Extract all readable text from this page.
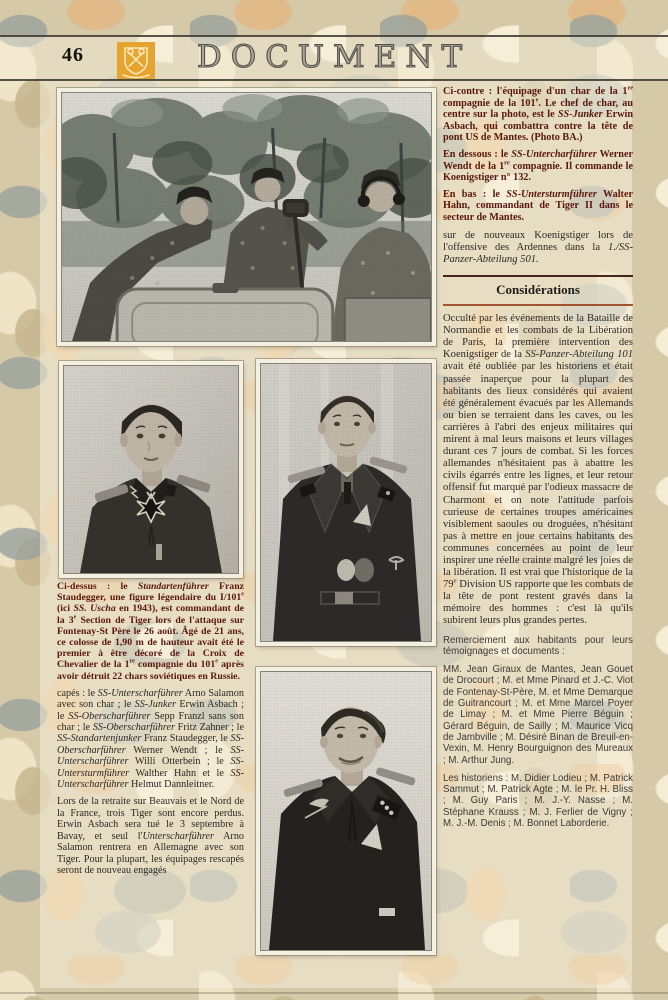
46	DOCUMENT

Ci-dessus : le Standartenführer Franz Staudegger, une figure légendaire du I/101e (ici SS. Uscha en 1943), est commandant de la 3e Section de Tiger lors de l'attaque sur Fontenay-St Père le 26 août. Âgé de 21 ans, ce colosse de 1,90 m de hauteur avait été le premier à être décoré de la Croix de Chevalier de la 1re compagnie du 101e après avoir détruit 22 chars soviétiques en Russie.

capés : le SS-Unterscharführer Arno Salamon avec son char ; le SS-Junker Erwin Asbach ; le SS-Oberscharführer Sepp Franzl sans son char ; le SS-Oberscharführer Fritz Zahner ; le SS-Standartenjunker Franz Staudegger, le SS-Oberscharführer Werner Wendt ; le SS-Unterscharführer Willi Otterbein ; le SS-Untersturmführer Walther Hahn et le SS-Unterscharführer Helmut Dannleitner.

Lors de la retraite sur Beauvais et le Nord de la France, trois Tiger sont encore perdus. Erwin Asbach sera tué le 3 septembre à Bavay, et seul l'Unterscharführer Arno Salamon rentrera en Allemagne avec son Tiger. Pour la plupart, les équipages rescapés seront de nouveau engagés

Ci-contre : l'équipage d'un char de la 1re compagnie de la 101e. Le chef de char, au centre sur la photo, est le SS-Junker Erwin Asbach, qui combattra contre la tête de pont US de Mantes. (Photo BA.)

En dessous : le SS-Untercharführer Werner Wendt de la 1re compagnie. Il commande le Koenigstiger n° 132.

En bas : le SS-Untersturmführer Walter Hahn, commandant de Tiger II dans le secteur de Mantes.

sur de nouveaux Koenigstiger lors de l'offensive des Ardennes dans la 1./SS-Panzer-Abteilung 501.

Considérations

Occulté par les événements de la Bataille de Normandie et les combats de la Libération de Paris, la première intervention des Koenigstiger de la SS-Panzer-Abteilung 101 avait été oubliée par les historiens et était passée inaperçue pour la plupart des habitants des lieux considérés qui avaient été généralement évacués par les Allemands ou bien se terraient dans les caves, ou les carrières à l'abri des enjeux militaires qui mirent à mal leurs maisons et leurs villages durant ces 7 jours de combat. Si les forces allemandes n'hésitaient pas à abattre les civils égarrés entre les lignes, et leur retour offensif fut marqué par l'odieux massacre de Charmont et on note l'attitude parfois curieuse de certaines troupes américaines visiblement saoules ou droguées, n'hésitant pas à mettre en joue certains habitants des communes concernées au point de leur inspirer une réelle crainte malgré les joies de la libération. Il est vrai que l'historique de la 79e Division US rapporte que les combats de la tête de pont restent gravés dans la mémoire des hommes : c'est là qu'ils subirent leurs plus grandes pertes.

Remerciement aux habitants pour leurs témoignages et documents :

MM. Jean Giraux de Mantes, Jean Gouet de Drocourt ; M. et Mme Pinard et J.-C. Viot de Fontenay-St-Père, M. et Mme Demarque de Guitrancourt ; M. et Mme Marcel Poyer de Limay ; M. et Mme Pierre Béguin ; Gérard Béguin, de Sailly ; M. Maurice Vicq de Jambville ; M. Désiré Binan de Breuil-en-Vexin, M. Henry Bourguignon des Mureaux ; M. Arthur Jung.

Les historiens : M. Didier Lodieu ; M. Patrick Sammut ; M. Patrick Agte ; M. le Pr. H. Bliss ; M. Guy Paris ; M. J.-Y. Nasse ; M. Stéphane Krauss ; M. J. Ferlier de Vigny ; M. J.-M. Denis ; M. Bonnet Laborderie.
